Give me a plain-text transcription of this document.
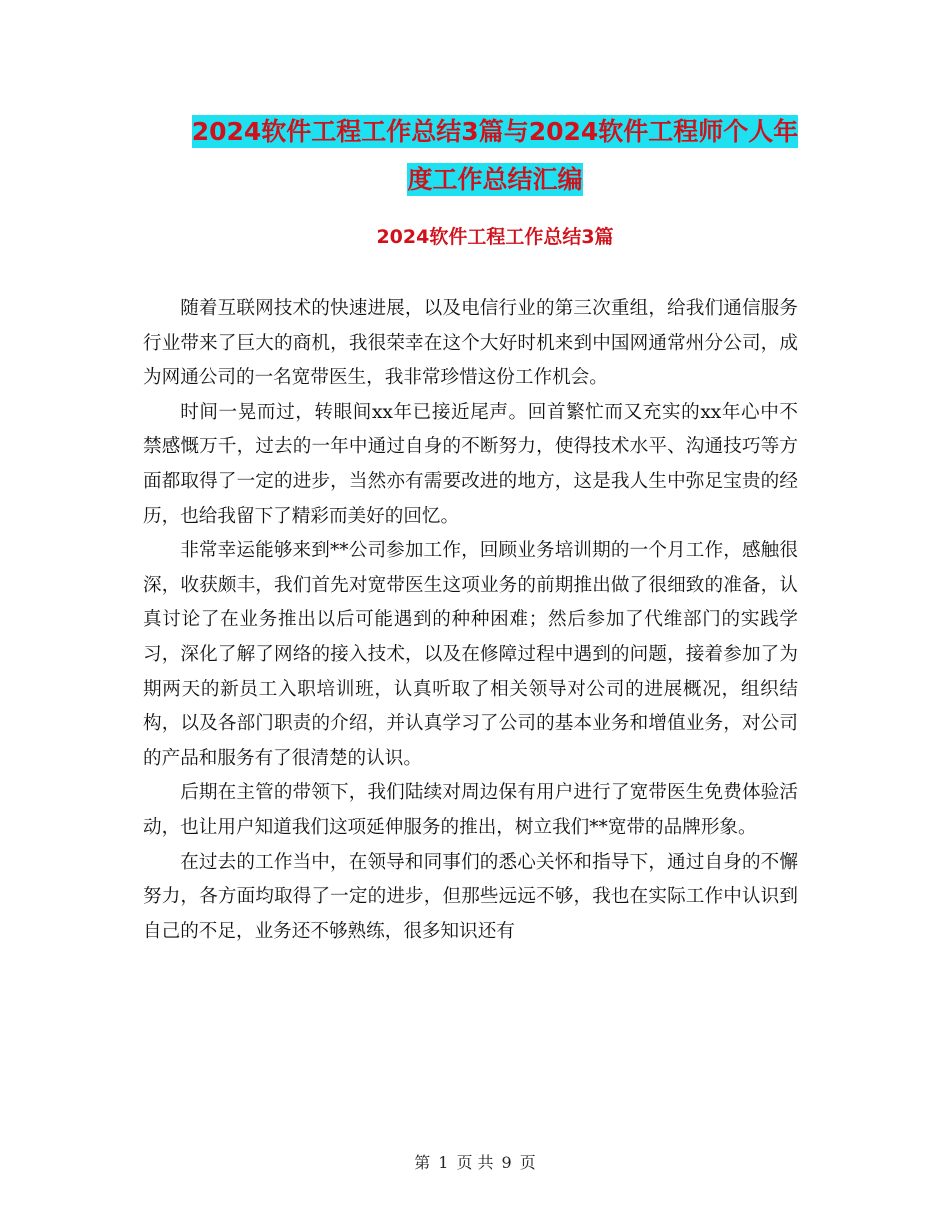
2024软件工程工作总结3篇与2024软件工程师个人年
度工作总结汇编
2024软件工程工作总结3篇

随着互联网技术的快速进展，以及电信行业的第三次重组，给我们通信服务行业带来了巨大的商机，我很荣幸在这个大好时机来到中国网通常州分公司，成为网通公司的一名宽带医生，我非常珍惜这份工作机会。

时间一晃而过，转眼间xx年已接近尾声。回首繁忙而又充实的xx年心中不禁感慨万千，过去的一年中通过自身的不断努力，使得技术水平、沟通技巧等方面都取得了一定的进步，当然亦有需要改进的地方，这是我人生中弥足宝贵的经历，也给我留下了精彩而美好的回忆。

非常幸运能够来到**公司参加工作，回顾业务培训期的一个月工作，感触很深，收获颇丰，我们首先对宽带医生这项业务的前期推出做了很细致的准备，认真讨论了在业务推出以后可能遇到的种种困难；然后参加了代维部门的实践学习，深化了解了网络的接入技术，以及在修障过程中遇到的问题，接着参加了为期两天的新员工入职培训班，认真听取了相关领导对公司的进展概况，组织结构，以及各部门职责的介绍，并认真学习了公司的基本业务和增值业务，对公司的产品和服务有了很清楚的认识。

后期在主管的带领下，我们陆续对周边保有用户进行了宽带医生免费体验活动，也让用户知道我们这项延伸服务的推出，树立我们**宽带的品牌形象。

在过去的工作当中，在领导和同事们的悉心关怀和指导下，通过自身的不懈努力，各方面均取得了一定的进步，但那些远远不够，我也在实际工作中认识到自己的不足，业务还不够熟练，很多知识还有

第 1 页 共 9 页
